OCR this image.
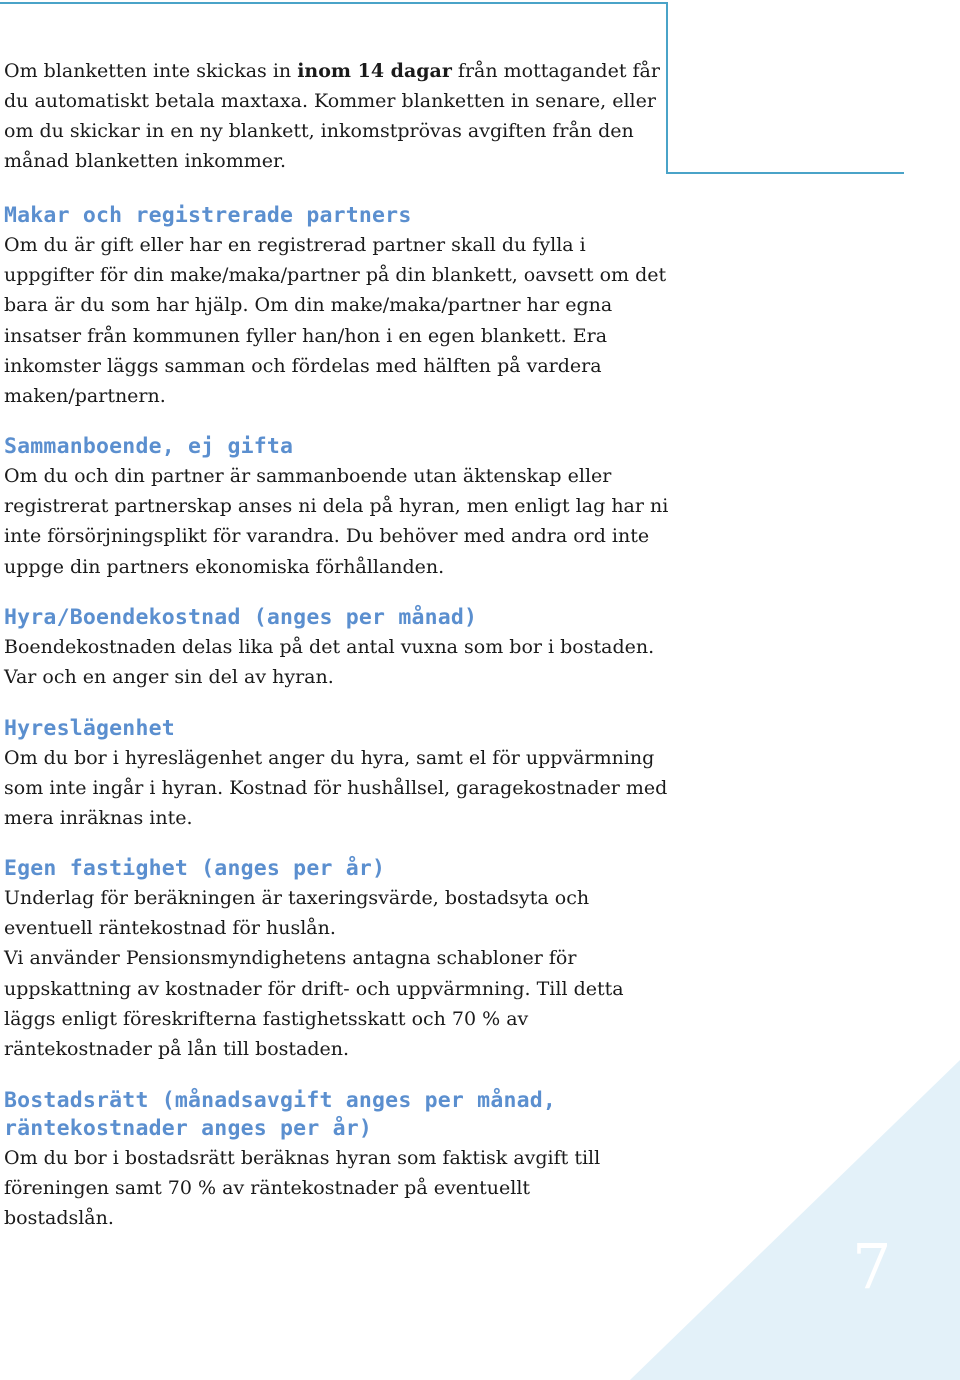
Om blanketten inte skickas in inom 14 dagar från mottagandet får du automatiskt betala maxtaxa. Kommer blanketten in senare, eller om du skickar in en ny blankett, inkomstprövas avgiften från den månad blanketten inkommer.

Makar och registrerade partners

Om du är gift eller har en registrerad partner skall du fylla i uppgifter för din make/maka/partner på din blankett, oavsett om det bara är du som har hjälp. Om din make/maka/partner har egna insatser från kommunen fyller han/hon i en egen blankett. Era inkomster läggs samman och fördelas med hälften på vardera maken/partnern.

Sammanboende, ej gifta

Om du och din partner är sammanboende utan äktenskap eller registrerat partnerskap anses ni dela på hyran, men enligt lag har ni inte försörjningsplikt för varandra. Du behöver med andra ord inte uppge din partners ekonomiska förhållanden.

Hyra/Boendekostnad (anges per månad)

Boendekostnaden delas lika på det antal vuxna som bor i bostaden. Var och en anger sin del av hyran.

Hyreslägenhet

Om du bor i hyreslägenhet anger du hyra, samt el för uppvärmning som inte ingår i hyran. Kostnad för hushållsel, garagekostnader med mera inräknas inte.

Egen fastighet (anges per år)

Underlag för beräkningen är taxeringsvärde, bostadsyta och eventuell räntekostnad för huslån.

Vi använder Pensionsmyndighetens antagna schabloner för uppskattning av kostnader för drift- och uppvärmning. Till detta läggs enligt föreskrifterna fastighetsskatt och 70 % av räntekostnader på lån till bostaden.

Bostadsrätt (månadsavgift anges per månad, räntekostnader anges per år)

Om du bor i bostadsrätt beräknas hyran som faktisk avgift till föreningen samt 70 % av räntekostnader på eventuellt bostadslån.

7
